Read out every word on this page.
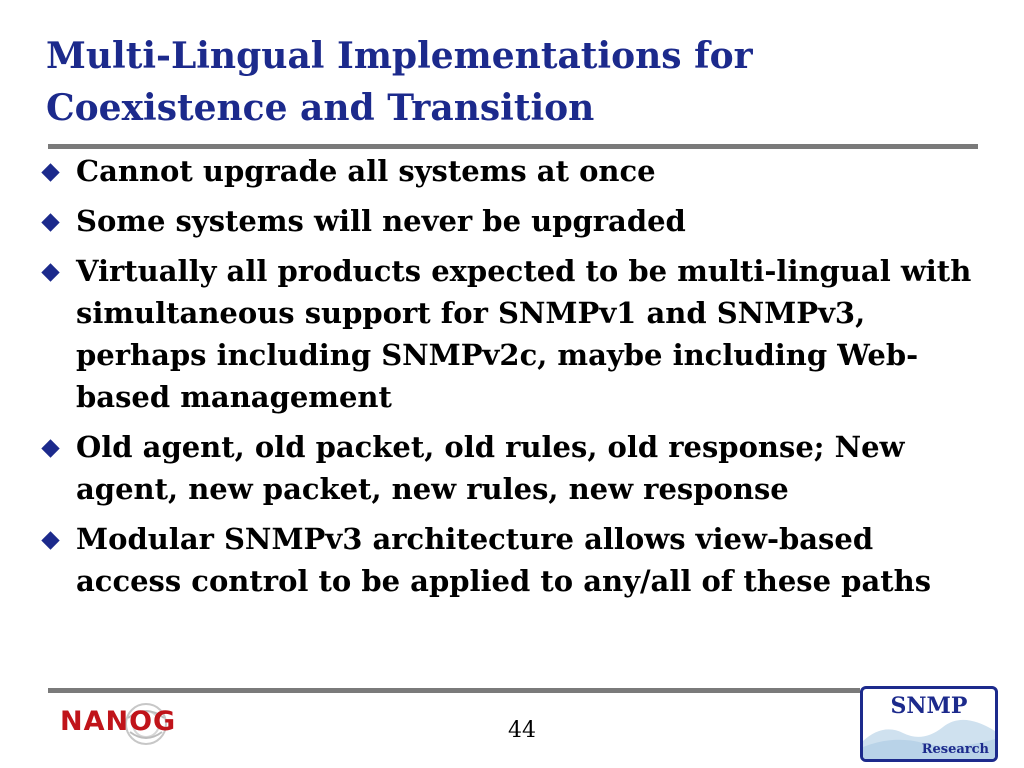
Multi-Lingual Implementations for Coexistence and Transition
Cannot upgrade all systems at once
Some systems will never be upgraded
Virtually all products expected to be multi-lingual with simultaneous support for SNMPv1 and SNMPv3, perhaps including SNMPv2c, maybe including Web-based management
Old agent, old packet, old rules, old response; New agent, new packet, new rules, new response
Modular SNMPv3 architecture allows view-based access control to be applied to any/all of these paths
NANOG	44
SNMP
Research
